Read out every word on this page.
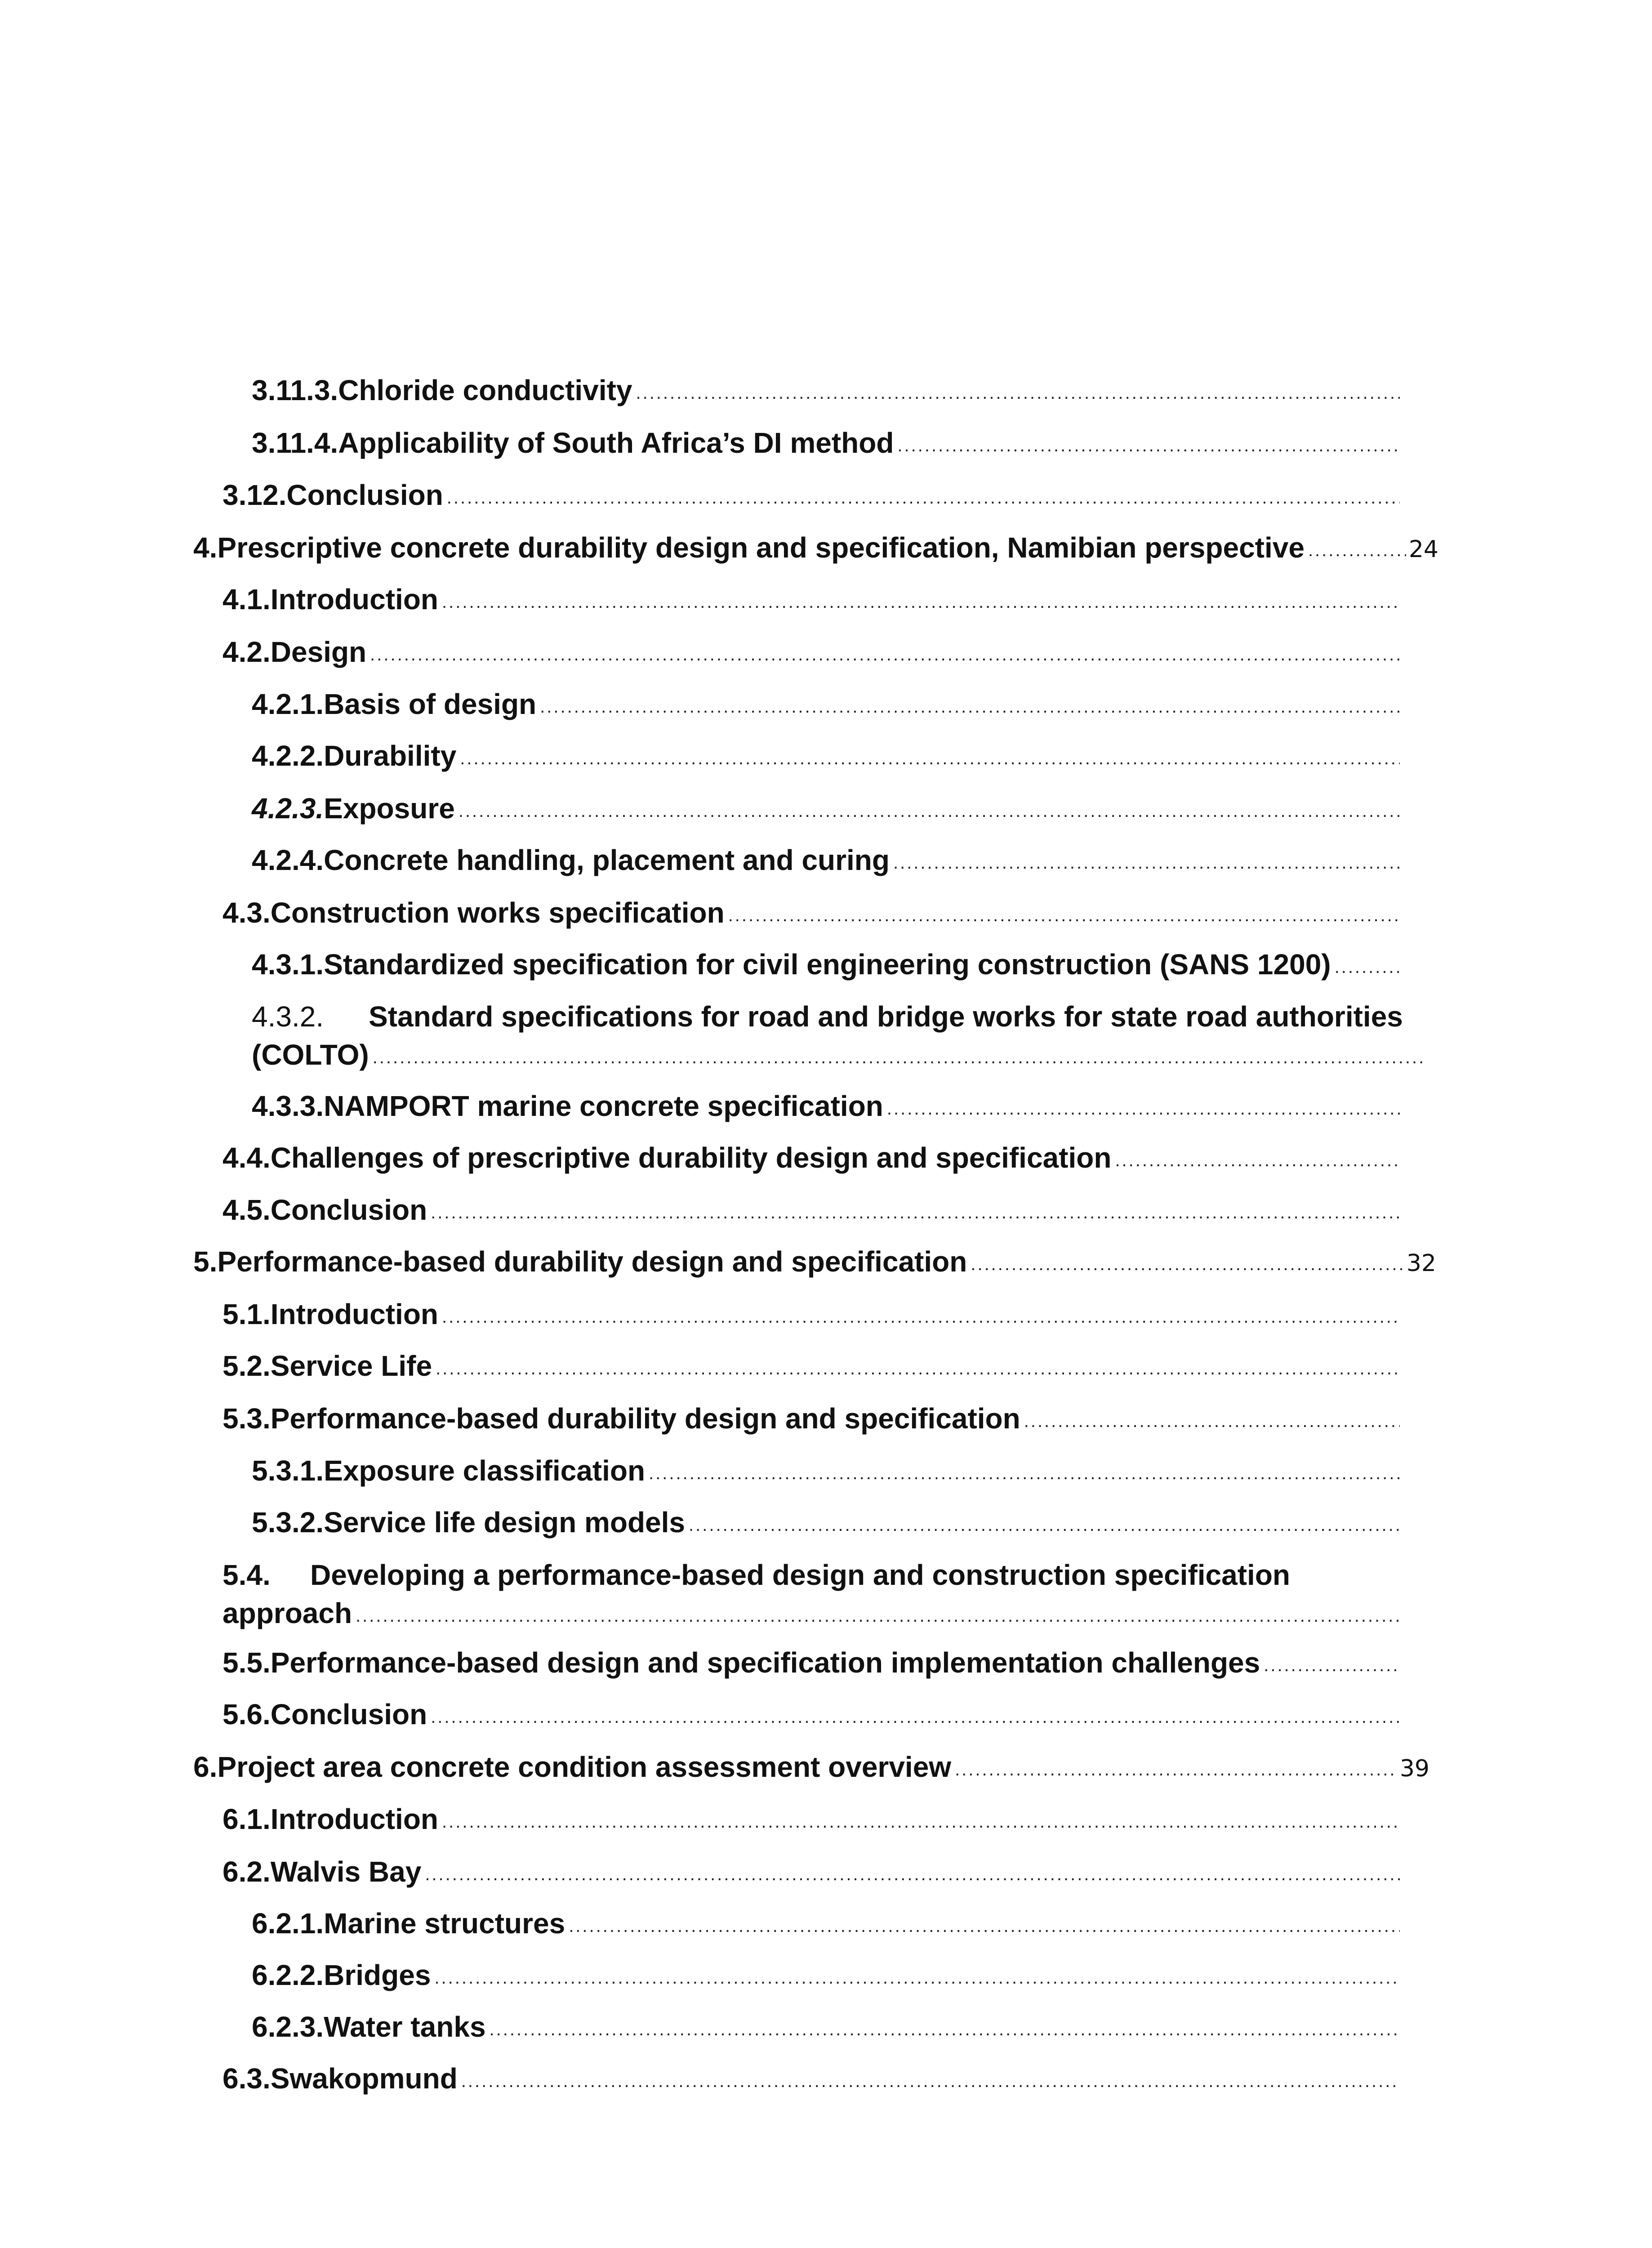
3.11.3. Chloride conductivity
.....
3.11.4. Applicability of South Africa’s DI method
.....
3.12. Conclusion
.....
4. Prescriptive concrete durability design and specification, Namibian perspective .....	24
4.1. Introduction
.....
4.2. Design
.....
4.2.1. Basis of design
.....
4.2.2. Durability
.....
4.2.3. Exposure
.....
4.2.4. Concrete handling, placement and curing
.....
4.3. Construction works specification
.....
4.3.1. Standardized specification for civil engineering construction (SANS 1200)
.....
4.3.2.	Standard specifications for road and bridge works for state road authorities
(COLTO)
.....
4.3.3. NAMPORT marine concrete specification
.....
4.4. Challenges of prescriptive durability design and specification
.....
4.5. Conclusion
.....
5. Performance-based durability design and specification .....	32
5.1. Introduction
.....
5.2. Service Life
.....
5.3. Performance-based durability design and specification
.....
5.3.1. Exposure classification
.....
5.3.2. Service life design models
.....
5.4.	Developing a performance-based design and construction specification
approach
.....
5.5. Performance-based design and specification implementation challenges
.....
5.6. Conclusion
.....
6. Project area concrete condition assessment overview .....	39
6.1. Introduction
.....
6.2. Walvis Bay
.....
6.2.1. Marine structures
.....
6.2.2. Bridges
.....
6.2.3. Water tanks
.....
6.3. Swakopmund
.....
